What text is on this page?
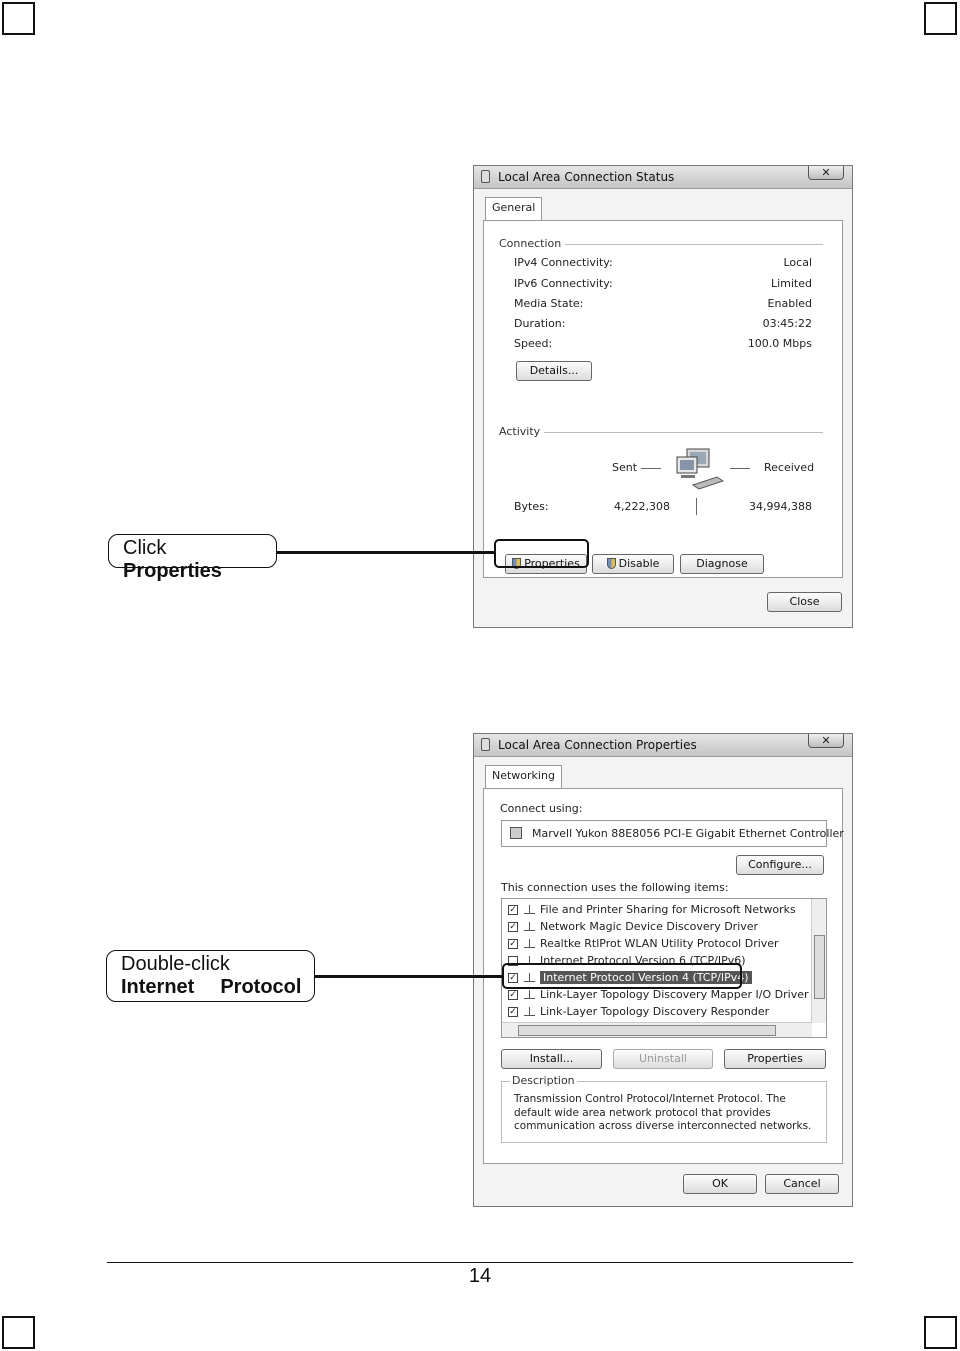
Local Area Connection Status	✕
General
Connection
IPv4 Connectivity:	Local
IPv6 Connectivity:	Limited
Media State:	Enabled
Duration:	03:45:22
Speed:	100.0 Mbps
Details...
Activity
Sent	Received
Bytes:	4,222,308	34,994,388
Properties	Disable	Diagnose
Close
Click
Properties
Local Area Connection Properties	✕
Networking
Connect using:
Marvell Yukon 88E8056 PCI-E Gigabit Ethernet Controller
Configure...
This connection uses the following items:
✓ File and Printer Sharing for Microsoft Networks
✓ Network Magic Device Discovery Driver
✓ Realtke RtlProt WLAN Utility Protocol Driver
Internet Protocol Version 6 (TCP/IPv6)
✓ Internet Protocol Version 4 (TCP/IPv4)
✓ Link-Layer Topology Discovery Mapper I/O Driver
✓ Link-Layer Topology Discovery Responder
Install...	Uninstall	Properties
Description
Transmission Control Protocol/Internet Protocol. The default wide area network protocol that provides communication across diverse interconnected networks.
OK	Cancel
Double-click
Internet Protocol
14
